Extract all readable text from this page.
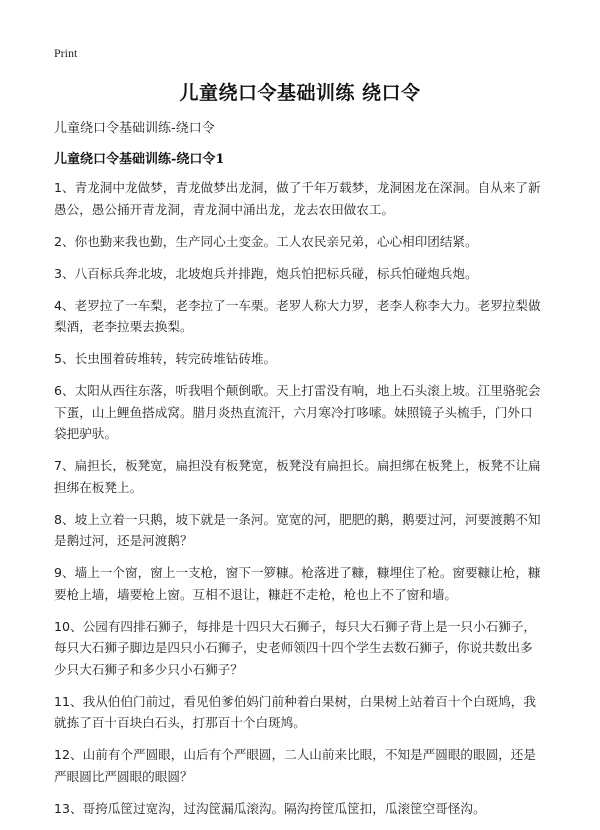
Print
儿童绕口令基础训练 绕口令
儿童绕口令基础训练-绕口令
儿童绕口令基础训练-绕口令1
1、青龙洞中龙做梦，青龙做梦出龙洞，做了千年万载梦，龙洞困龙在深洞。自从来了新愚公，愚公捅开青龙洞，青龙洞中涌出龙，龙去农田做农工。
2、你也勤来我也勤，生产同心土变金。工人农民亲兄弟，心心相印团结紧。
3、八百标兵奔北坡，北坡炮兵并排跑，炮兵怕把标兵碰，标兵怕碰炮兵炮。
4、老罗拉了一车梨，老李拉了一车栗。老罗人称大力罗，老李人称李大力。老罗拉梨做梨酒，老李拉栗去换梨。
5、长虫围着砖堆转，转完砖堆钻砖堆。
6、太阳从西往东落，听我唱个颠倒歌。天上打雷没有响，地上石头滚上坡。江里骆驼会下蛋，山上鲤鱼搭成窝。腊月炎热直流汗，六月寒冷打哆嗦。妹照镜子头梳手，门外口袋把驴驮。
7、扁担长，板凳宽，扁担没有板凳宽，板凳没有扁担长。扁担绑在板凳上，板凳不让扁担绑在板凳上。
8、坡上立着一只鹅，坡下就是一条河。宽宽的河，肥肥的鹅，鹅要过河，河要渡鹅不知是鹅过河，还是河渡鹅？
9、墙上一个窗，窗上一支枪，窗下一箩糠。枪落进了糠，糠埋住了枪。窗要糠让枪，糠要枪上墙，墙要枪上窗。互相不退让，糠赶不走枪，枪也上不了窗和墙。
10、公园有四排石狮子，每排是十四只大石狮子，每只大石狮子背上是一只小石狮子，每只大石狮子脚边是四只小石狮子，史老师领四十四个学生去数石狮子，你说共数出多少只大石狮子和多少只小石狮子？
11、我从伯伯门前过，看见伯爹伯妈门前种着白果树，白果树上站着百十个白斑鸠，我就拣了百十百块白石头，打那百十个白斑鸠。
12、山前有个严圆眼，山后有个严眼圆，二人山前来比眼，不知是严圆眼的眼圆，还是严眼圆比严圆眼的眼圆？
13、哥挎瓜筐过宽沟，过沟筐漏瓜滚沟。隔沟挎筐瓜筐扣，瓜滚筐空哥怪沟。
